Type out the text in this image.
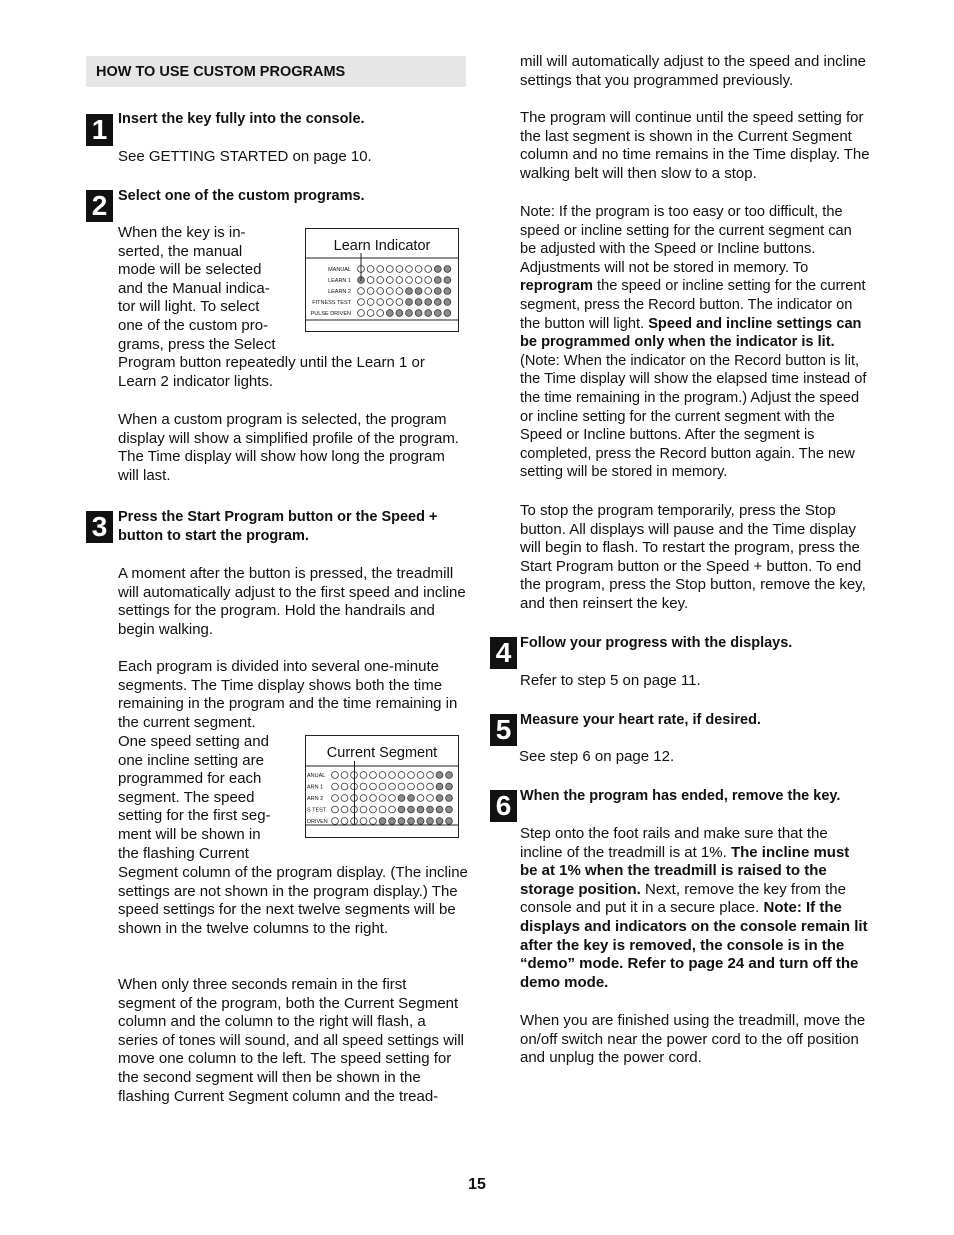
HOW TO USE CUSTOM PROGRAMS
1 Insert the key fully into the console.

See GETTING STARTED on page 10.

2 Select one of the custom programs.
When the key is in-
serted, the manual
mode will be selected
and the Manual indica-
tor will light. To select
one of the custom pro-
grams, press the Select

Program button repeatedly until the Learn 1 or Learn 2 indicator lights.

When a custom program is selected, the program display will show a simplified profile of the program. The Time display will show how long the program will last.

Learn Indicator
MANUAL
LEARN 1
LEARN 2
FITNESS TEST
PULSE DRIVEN
3 Press the Start Program button or the Speed + button to start the program.

A moment after the button is pressed, the treadmill will automatically adjust to the first speed and incline settings for the program. Hold the handrails and begin walking.

Each program is divided into several one-minute segments. The Time display shows both the time remaining in the program and the time remaining in the current segment.

One speed setting and
one incline setting are
programmed for each
segment. The speed
setting for the first seg-
ment will be shown in
the flashing Current

Segment column of the program display. (The incline settings are not shown in the program display.) The speed settings for the next twelve segments will be shown in the twelve columns to the right.

When only three seconds remain in the first segment of the program, both the Current Segment column and the column to the right will flash, a series of tones will sound, and all speed settings will move one column to the left. The speed setting for the second segment will then be shown in the flashing Current Segment column and the tread-

Current Segment
ANUAL
ARN 1
ARN 2
S TEST
DRIVEN

mill will automatically adjust to the speed and incline settings that you programmed previously.

The program will continue until the speed setting for the last segment is shown in the Current Segment column and no time remains in the Time display. The walking belt will then slow to a stop.

Note: If the program is too easy or too difficult, the speed or incline setting for the current segment can be adjusted with the Speed or Incline buttons. Adjustments will not be stored in memory. To reprogram the speed or incline setting for the current segment, press the Record button. The indicator on the button will light. Speed and incline settings can be programmed only when the indicator is lit. (Note: When the indicator on the Record button is lit, the Time display will show the elapsed time instead of the time remaining in the program.) Adjust the speed or incline setting for the current segment with the Speed or Incline buttons. After the segment is completed, press the Record button again. The new setting will be stored in memory.

To stop the program temporarily, press the Stop button. All displays will pause and the Time display will begin to flash. To restart the program, press the Start Program button or the Speed + button. To end the program, press the Stop button, remove the key, and then reinsert the key.

4 Follow your progress with the displays.

Refer to step 5 on page 11.

5 Measure your heart rate, if desired.

See step 6 on page 12.

6 When the program has ended, remove the key.

Step onto the foot rails and make sure that the incline of the treadmill is at 1%. The incline must be at 1% when the treadmill is raised to the storage position. Next, remove the key from the console and put it in a secure place. Note: If the displays and indicators on the console remain lit after the key is removed, the console is in the “demo” mode. Refer to page 24 and turn off the demo mode.

When you are finished using the treadmill, move the on/off switch near the power cord to the off position and unplug the power cord.

15
